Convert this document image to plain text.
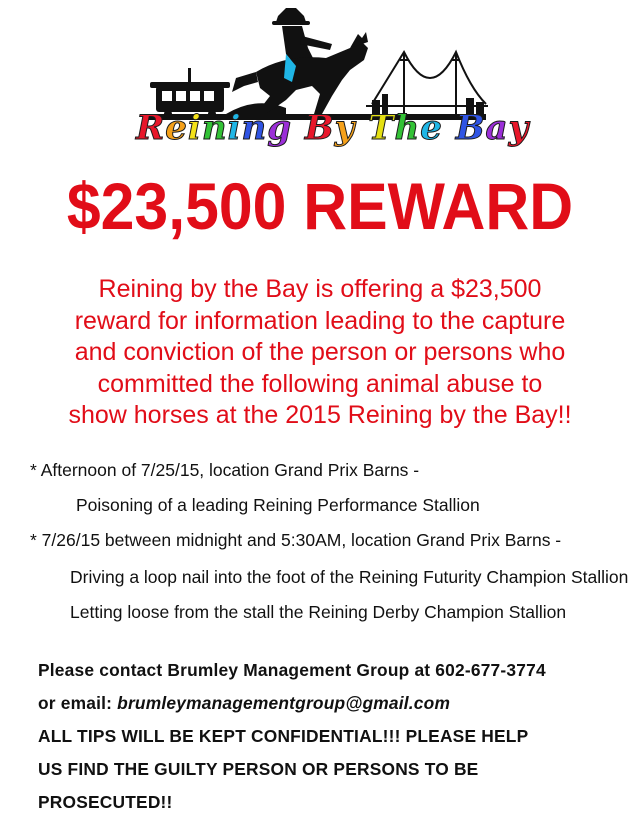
Reining By The Bay
$23,500 REWARD
Reining by the Bay is offering a $23,500
reward for information leading to the capture
and conviction of the person or persons who
committed the following animal abuse to
show horses at the 2015 Reining by the Bay!!
* Afternoon of 7/25/15, location Grand Prix Barns -
Poisoning of a leading Reining Performance Stallion
* 7/26/15 between midnight and 5:30AM, location Grand Prix Barns -
Driving a loop nail into the foot of the Reining Futurity Champion Stallion
Letting loose from the stall the Reining Derby Champion Stallion
Please contact Brumley Management Group at 602-677-3774
or email: brumleymanagementgroup@gmail.com
ALL TIPS WILL BE KEPT CONFIDENTIAL!!! PLEASE HELP
US FIND THE GUILTY PERSON OR PERSONS TO BE
PROSECUTED!!
